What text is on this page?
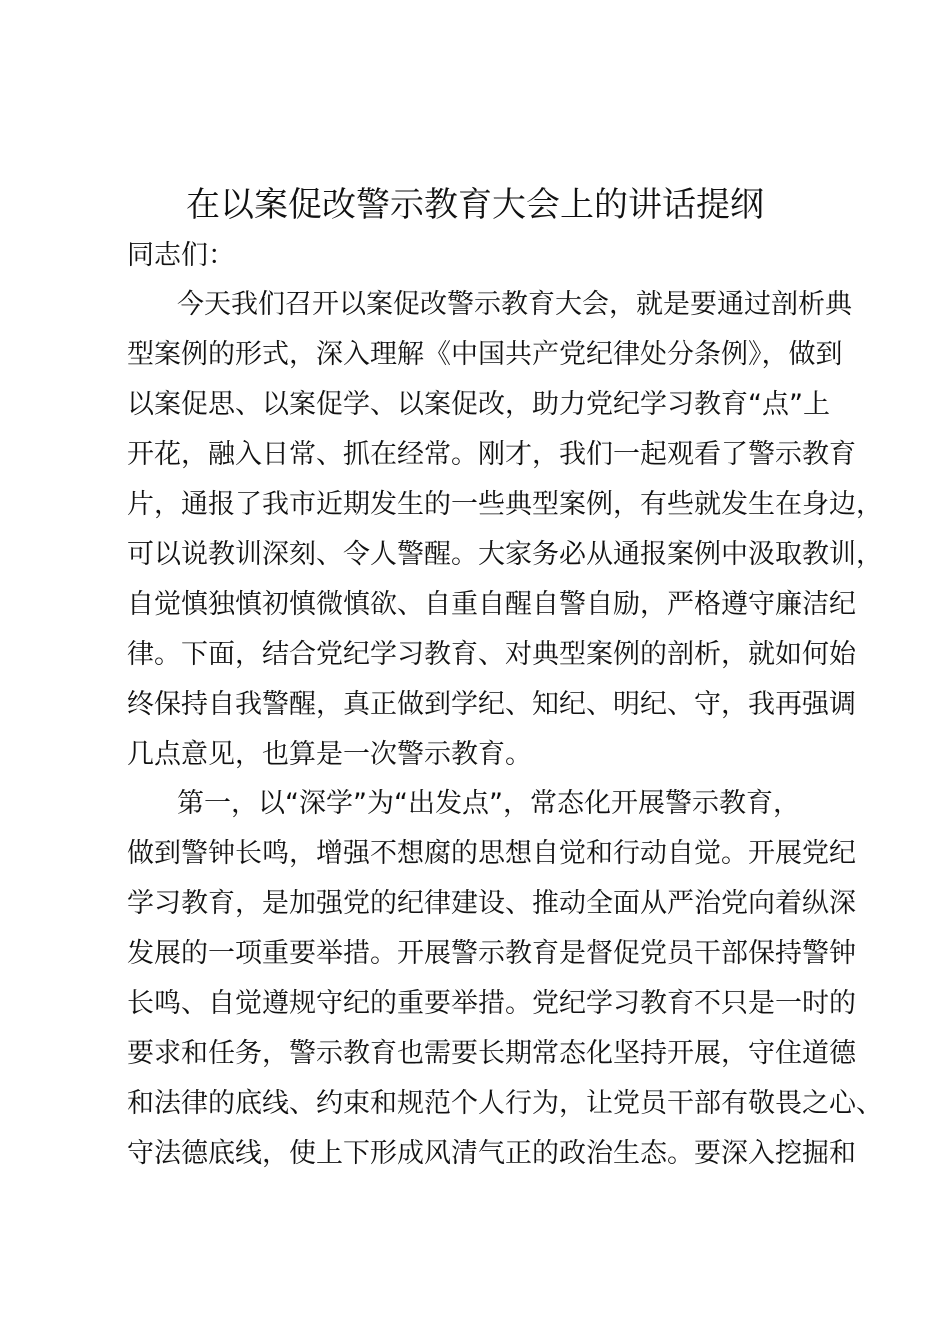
在以案促改警示教育大会上的讲话提纲
同志们：
今天我们召开以案促改警示教育大会，就是要通过剖析典
型案例的形式，深入理解《中国共产党纪律处分条例》，做到
以案促思、以案促学、以案促改，助力党纪学习教育“点”上
开花，融入日常、抓在经常。刚才，我们一起观看了警示教育
片，通报了我市近期发生的一些典型案例，有些就发生在身边，
可以说教训深刻、令人警醒。大家务必从通报案例中汲取教训，
自觉慎独慎初慎微慎欲、自重自醒自警自励，严格遵守廉洁纪
律。下面，结合党纪学习教育、对典型案例的剖析，就如何始
终保持自我警醒，真正做到学纪、知纪、明纪、守，我再强调
几点意见，也算是一次警示教育。
第一，以“深学”为“出发点”，常态化开展警示教育，
做到警钟长鸣，增强不想腐的思想自觉和行动自觉。开展党纪
学习教育，是加强党的纪律建设、推动全面从严治党向着纵深
发展的一项重要举措。开展警示教育是督促党员干部保持警钟
长鸣、自觉遵规守纪的重要举措。党纪学习教育不只是一时的
要求和任务，警示教育也需要长期常态化坚持开展，守住道德
和法律的底线、约束和规范个人行为，让党员干部有敬畏之心、
守法德底线，使上下形成风清气正的政治生态。要深入挖掘和
